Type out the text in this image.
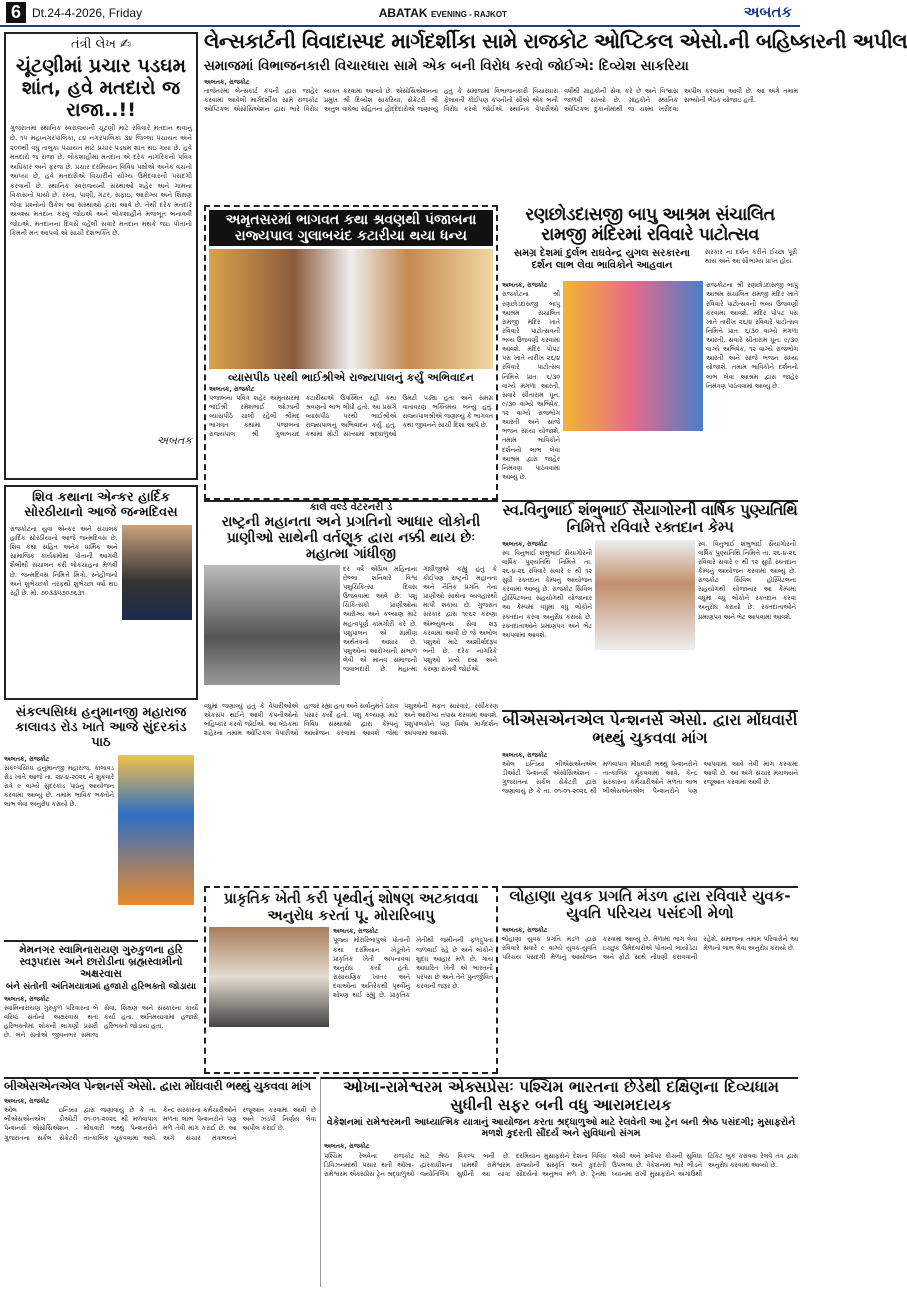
6 Dt.24-4-2026, Friday	ABATAK EVENING - RAJKOT	અબતક
તંત્રી લેખ ✍
ચૂંટણીમાં પ્રચાર પડઘમ શાંત, હવે મતદારો જ રાજા..!!
ગુજરાતમાં સ્થાનિક સ્વરાજ્યની ચૂંટણી માટે રવિવારે મતદાન થવાનું છે. ૧૫ મહાનગરપાલિકા, ૮૪ નગરપાલિકા ૩૪ જિલ્લા પંચાયત અને ૨૦૦થી વધુ તાલુકા પંચાયત માટે પ્રચાર પડઘમ શાંત થઇ ગયા છે. હવે મતદારો જ રાજા છે. લોકશાહીમાં મતદાન એ દરેક નાગરિકનો પવિત્ર અધિકાર અને ફરજ છે. પ્રચાર દરમિયાન વિવિધ પક્ષોએ અનેક વચનો આપ્યા છે, હવે મતદારોએ વિચારીને યોગ્ય ઉમેદવારની પસંદગી કરવાની છે. સ્થાનિક સ્વરાજ્યની સંસ્થાઓ શહેર અને ગામના વિકાસનો પાયો છે. રસ્તા, પાણી, ગટર, સફાઇ, આરોગ્ય અને શિક્ષણ જેવા પ્રશ્નોનો ઉકેલ આ સંસ્થાઓ દ્વારા આવે છે. તેથી દરેક મતદારે અવશ્ય મતદાન કરવું જોઇએ અને લોકશાહીને મજબૂત બનાવવી જોઇએ. મતદાનના દિવસે વહેલી સવારે મતદાન મથકે જઇ પોતાનો કિંમતી મત આપવો એ સાચી દેશભક્તિ છે.
અબતક
શિવ કથાના એન્કર હાર્દિક સોરઠીયાનો આજે જન્મદિવસ
રાજકોટના યુવા એન્કર અને સંચાલક હાર્દિક સોરઠીયાનો આજે જન્મદિવસ છે. શિવ કથા સહિત અનેક ધાર્મિક અને સામાજિક કાર્યક્રમોમાં પોતાની આગવી શૈલીથી સંચાલન કરી લોકચાહના મેળવી છે. જન્મદિવસ નિમિત્તે મિત્રો, સ્નેહીજનો અને શુભેચ્છકો તરફથી શુભેચ્છા વર્ષા થઇ રહી છે. મો. ૭૦૩૩૫૭૦૭૬૩૧
સંકલ્પસિધ્ધ હનુમાનજી મહારાજ કાલાવડ રોડ ખાતે આજે સુંદરકાંડ પાઠ
અબતક, રાજકોટ
સંકલ્પસિધ્ધ હનુમાનજી મહારાજ, કાલાવડ રોડ ખાતે આજે તા. ૨૪-૪-૨૦૨૬ ને શુક્રવારે રાત્રે ૯ વાગ્યે સુંદરકાંડ પાઠનું આયોજન કરવામાં આવ્યું છે. તમામ ભાવિક ભક્તોને લાભ લેવા અનુરોધ કરાયો છે.
મેમનગર સ્વામિનારાયણ ગુરુકુળના હરિ સ્વરૂપદાસ અને છારોડીના બ્રહ્મસ્વામીનો અક્ષરવાસ
બંને સંતોની અંતિમયાત્રામાં હજારો હરિભક્તો જોડાયા
અબતક, રાજકોટ
સ્વામિનારાયણ ગુરુકુળ પરિવારના બે વરિષ્ઠ સંતોનો અક્ષરવાસ થતાં હરિભક્તોમાં શોકની લાગણી પ્રસરી છે. બંને સંતોએ જીવનભર સમાજ સેવા, શિક્ષણ અને સંસ્કારના કાર્યો કર્યા હતા. અંતિમયાત્રામાં હજારો હરિભક્તો જોડાયા હતા.
લેન્સકાર્ટની વિવાદાસ્પદ માર્ગદર્શીકા સામે રાજકોટ ઓપ્ટિકલ એસો.ની બહિષ્કારની અપીલ
સમાજમાં વિભાજનકારી વિચારધારા સામે એક બની વિરોધ કરવો જોઈએ: દિવ્યેશ સાકરિયા
અબતક, રાજકોટ
તાજેતરમાં લેન્સકાર્ટ કંપની દ્વારા જાહેર કરવામાં આવેલી માર્ગદર્શીકા સામે રાજકોટ ઓપ્ટિકલ એસોસિએશન દ્વારા ભારે વિરોધ વ્યક્ત કરવામાં આવ્યો છે. એસોસિએશનના પ્રમુખ શ્રી દિવ્યેશ સાકરિયા, સેક્રેટરી શ્રી અતુલ વાઘેલા સહિતના હોદ્દેદારોએ જણાવ્યું હતું કે સમાજમાં વિભાજનકારી વિચારધારા ફેલાવતી કોઈપણ કંપનીનો સૌએ એક બની વિરોધ કરવો જોઈએ. સ્થાનિક વેપારીઓ વર્ષોથી ગ્રાહકોની સેવા કરે છે અને વિશ્વાસ જાળવી રાખ્યો છે. ગ્રાહકોને સ્થાનિક ઓપ્ટિકલ દુકાનોમાંથી જ ચશ્મા ખરીદવા અપીલ કરવામાં આવી છે. આ અંગે તમામ સભ્યોની બેઠક યોજાઇ હતી.
અમૃતસરમાં ભાગવત કથા શ્રવણથી પંજાબના રાજ્યપાલ ગુલાબચંદ કટારીયા થયા ધન્ય
વ્યાસપીઠ પરથી ભાઈશ્રીએ રાજ્યપાલનું કર્યું અભિવાદન
અબતક, રાજકોટ
પંજાબના પવિત્ર શહેર અમૃતસરમાં ભાઈશ્રી રમેશભાઈ ઓઝાની વ્યાસપીઠે ચાલી રહેલી શ્રીમદ્ ભાગવત કથામાં પંજાબના રાજ્યપાલ શ્રી ગુલાબચંદ કટારીયાએ ઉપસ્થિત રહી કથા શ્રવણનો લાભ લીધો હતો. આ પ્રસંગે વ્યાસપીઠ પરથી ભાઈશ્રીએ રાજ્યપાલનું અભિવાદન કર્યું હતું. કથામાં મોટી સંખ્યામાં શ્રદ્ધાળુઓ ઉમટી પડ્યા હતા અને સમગ્ર વાતાવરણ ભક્તિમય બન્યું હતું. રાજ્યપાલશ્રીએ જણાવ્યું કે ભાગવત કથા જીવનને સાચી દિશા આપે છે.
રણછોડદાસજી બાપુ આશ્રમ સંચાલિત રામજી મંદિરમાં રવિવારે પાટોત્સવ
સમગ્ર દેશમાં દુર્લભ રાઘવેન્દ્ર યુગલ સરકારના દર્શન લાભ લેવા ભાવિકોને આહવાન
સરકાર ના દર્શન કરીને ઈચ્છા પૂરી થાય અને આ સૌભાગ્ય પ્રાપ્ત હોય.
અબતક, રાજકોટ
રાજકોટના શ્રી રણછોડદાસજી બાપુ આશ્રમ સંચાલિત રામજી મંદિર ખાતે રવિવારે પાટોત્સવની ભવ્ય ઉજવણી કરવામાં આવશે. મંદિર પોપટ પરા ખાતે તારીખ ૨૬/૪ રવિવારે પાટોત્સવ નિમિત્તે પ્રાતઃ ૬/૩૦ વાગ્યે મંગળા આરતી, સવારે સીતારામ ધૂન, ૯/૩૦ વાગ્યે અભિષેક, ૧૨ વાગ્યે રાજભોગ આરતી અને સાંજે ભજન સંધ્યા યોજાશે. તમામ ભાવિકોને દર્શનનો લાભ લેવા આશ્રમ દ્વારા જાહેર નિમંત્રણ પાઠવવામાં આવ્યું છે.
રાજકોટના શ્રી રણછોડદાસજી બાપુ આશ્રમ સંચાલિત રામજી મંદિર ખાતે રવિવારે પાટોત્સવની ભવ્ય ઉજવણી કરવામાં આવશે. મંદિર પોપટ પરા ખાતે તારીખ ૨૬/૪ રવિવારે પાટોત્સવ નિમિત્તે પ્રાતઃ ૬/૩૦ વાગ્યે મંગળા આરતી, સવારે સીતારામ ધૂન, ૯/૩૦ વાગ્યે અભિષેક, ૧૨ વાગ્યે રાજભોગ આરતી અને સાંજે ભજન સંધ્યા યોજાશે. તમામ ભાવિકોને દર્શનનો લાભ લેવા આશ્રમ દ્વારા જાહેર નિમંત્રણ પાઠવવામાં આવ્યું છે.
કાલે વર્લ્ડ વેટરનરી ડે
રાષ્ટ્રની મહાનતા અને પ્રગતિનો આધાર લોકોની પ્રાણીઓ સાથેની વર્તણૂક દ્વારા નક્કી થાય છેઃ મહાત્મા ગાંધીજી
દર વર્ષે એપ્રિલ મહિનાના છેલ્લા શનિવારે વિશ્વ પશુચિકિત્સા દિવસ ઉજવવામાં આવે છે. પશુ ચિકિત્સકો પ્રાણીઓના આરોગ્ય અને કલ્યાણ માટે મહત્વપૂર્ણ કામગીરી કરે છે. પશુપાલન એ ગ્રામીણ અર્થતંત્રનો આધાર છે. પશુઓના આરોગ્યની સંભાળ લેવી એ માનવ સમાજની જવાબદારી છે. મહાત્મા ગાંધીજીએ કહ્યું હતું કે કોઈપણ રાષ્ટ્રની મહાનતા અને નૈતિક પ્રગતિ તેના પ્રાણીઓ સાથેના વ્યવહારથી માપી શકાય છે. ગુજરાત સરકાર દ્વારા ૧૯૬૨ કરુણા એમ્બ્યુલન્સ સેવા શરૂ કરવામાં આવી છે જે અબોલ પશુઓ માટે આશીર્વાદરૂપ બની છે. દરેક નાગરિકે પશુઓ પ્રત્યે દયા અને કરુણા રાખવી જોઈએ.
સ્વ.વિનુભાઈ શંભુભાઈ સૈયાગોરની વાર્ષિક પુણ્યતિથિ નિમિત્તે રવિવારે રક્તદાન કેમ્પ
અબતક, રાજકોટ
સ્વ. વિનુભાઈ શંભુભાઈ સૈયાગોરની વાર્ષિક પુણ્યતિથિ નિમિત્તે તા. ૨૬-૪-૨૬ રવિવારે સવારે ૯ થી ૧૨ સુધી રક્તદાન કેમ્પનું આયોજન કરવામાં આવ્યું છે. રાજકોટ સિવિલ હોસ્પિટલના સહયોગથી યોજાનાર આ કેમ્પમાં વધુમાં વધુ લોકોને રક્તદાન કરવા અનુરોધ કરાયો છે. રક્તદાતાઓને પ્રમાણપત્ર અને ભેટ આપવામાં આવશે.
સ્વ. વિનુભાઈ શંભુભાઈ સૈયાગોરની વાર્ષિક પુણ્યતિથિ નિમિત્તે તા. ૨૬-૪-૨૬ રવિવારે સવારે ૯ થી ૧૨ સુધી રક્તદાન કેમ્પનું આયોજન કરવામાં આવ્યું છે. રાજકોટ સિવિલ હોસ્પિટલના સહયોગથી યોજાનાર આ કેમ્પમાં વધુમાં વધુ લોકોને રક્તદાન કરવા અનુરોધ કરાયો છે. રક્તદાતાઓને પ્રમાણપત્ર અને ભેટ આપવામાં આવશે.
વધુમાં જણાવ્યું હતું કે વેપારીઓએ એકસંપ થઈને આવી કંપનીઓનો બહિષ્કાર કરવો જોઈએ. આ બેઠકમાં શહેરના તમામ ઓપ્ટિકલ વેપારીઓ હાજર રહ્યા હતા અને સર્વાનુમતે ઠરાવ પસાર કર્યો હતો. પશુ કલ્યાણ માટે વિવિધ સંસ્થાઓ દ્વારા કેમ્પનું આયોજન કરવામાં આવશે જેમાં પશુઓની મફત સારવાર, રસીકરણ અને આરોગ્ય તપાસ કરવામાં આવશે. પશુપાલકોને પણ વિશેષ માર્ગદર્શન આપવામાં આવશે.
બીએસએનએલ પેન્શનર્સ એસો. દ્વારા મોંઘવારી ભથ્થું ચુકવવા માંગ
અબતક, રાજકોટ
ઓલ ઇન્ડિયા બીએસએનએલ ડીઓટી પેન્શનર્સ એસોસિએશન - ગુજરાતના સર્કલ સેક્રેટરી દ્વારા જણાવાયું છે કે તા. ૦૧-૦૧-૨૦૨૬ થી મળવાપાત્ર મોંઘવારી ભથ્થું પેન્શનરોને તાત્કાલિક ચૂકવવામાં આવે. કેન્દ્ર સરકારના કર્મચારીઓને મળતા લાભ બીએસએનએલ પેન્શનરોને પણ આપવામાં આવે તેવી માંગ કરવામાં આવી છે. આ અંગે સંચાર મંત્રાલયને રજૂઆત કરવામાં આવી છે.
પ્રાકૃતિક ખેતી કરી પૃથ્વીનું શોષણ અટકાવવા અનુરોધ કરતાં પૂ. મોરારિબાપુ
અબતક, રાજકોટ
પૂજ્ય મોરારિબાપુએ પોતાની કથા દરમિયાન ખેડૂતોને પ્રાકૃતિક ખેતી અપનાવવા અનુરોધ કર્યો હતો. રાસાયણિક ખાતર અને દવાઓના અતિરેકથી પૃથ્વીનું શોષણ થઈ રહ્યું છે. પ્રાકૃતિક ખેતીથી જમીનની ફળદ્રુપતા જળવાઈ રહે છે અને લોકોને શુદ્ધ આહાર મળે છે. ગાય આધારિત ખેતી એ ભારતની પરંપરા છે અને તેને પુનર્જીવિત કરવાની જરૂર છે.
લોહાણા યુવક પ્રગતિ મંડળ દ્વારા રવિવારે યુવક-યુવતિ પરિચય પસંદગી મેળો
અબતક, રાજકોટ
લોહાણા યુવક પ્રગતિ મંડળ દ્વારા રવિવારે સવારે ૯ વાગ્યે યુવક-યુવતિ પરિચય પસંદગી મેળાનું આયોજન કરવામાં આવ્યું છે. મેળામાં ભાગ લેવા ઇચ્છુક ઉમેદવારોએ પોતાનો બાયોડેટા અને ફોટો સાથે નોંધણી કરાવવાની રહેશે. સમાજના તમામ પરિવારોને આ મેળાનો લાભ લેવા અનુરોધ કરાયો છે.
બીએસએનએલ પેન્શનર્સ એસો. દ્વારા મોંઘવારી ભથ્થું ચુકવવા માંગ
અબતક, રાજકોટ
ઓલ ઇન્ડિયા બીએસએનએલ ડીઓટી પેન્શનર્સ એસોસિએશન - ગુજરાતના સર્કલ સેક્રેટરી દ્વારા જણાવાયું છે કે તા. ૦૧-૦૧-૨૦૨૬ થી મળવાપાત્ર મોંઘવારી ભથ્થું પેન્શનરોને તાત્કાલિક ચૂકવવામાં આવે. કેન્દ્ર સરકારના કર્મચારીઓને મળતા લાભ પેન્શનરોને પણ મળે તેવી માંગ કરાઈ છે. આ અંગે સંચાર મંત્રાલયને રજૂઆત કરવામાં આવી છે અને ઝડપી નિર્ણય લેવા અપીલ કરાઈ છે.
ઓખા-રામેશ્વરમ એક્સપ્રેસઃ પશ્ચિમ ભારતના છેડેથી દક્ષિણના દિવ્યધામ સુધીની સફર બની વધુ આરામદાયક
વેકેશનમાં રામેશ્વરમની આધ્યાત્મિક યાત્રાનું આયોજન કરતા શ્રદ્ધાળુઓ માટે રેલવેની આ ટ્રેન બની શ્રેષ્ઠ પસંદગી; મુસાફરોને મળશે કુદરતી સૌંદર્ય અને સુવિધાનો સંગમ
અબતક, રાજકોટ
પશ્ચિમ રેલવેના રાજકોટ ડિવિઝનમાંથી પસાર થતી ઓખા-રામેશ્વરમ એક્સપ્રેસ ટ્રેન શ્રદ્ધાળુઓ માટે શ્રેષ્ઠ વિકલ્પ બની છે. દ્વારકાધીશના ધામથી રામેશ્વરમ જ્યોતિર્લિંગ સુધીની આ યાત્રા દરમિયાન મુસાફરોને દેશના વિવિધ રાજ્યોની સંસ્કૃતિ અને કુદરતી સૌંદર્યનો અનુભવ મળે છે. ટ્રેનમાં એસી અને સ્લીપર કોચની સુવિધા ઉપલબ્ધ છે. વેકેશનમાં ભારે ભીડને ધ્યાનમાં રાખી મુસાફરોને અગાઉથી ટિકિટ બુક કરાવવા રેલવે તંત્ર દ્વારા અનુરોધ કરવામાં આવ્યો છે.
